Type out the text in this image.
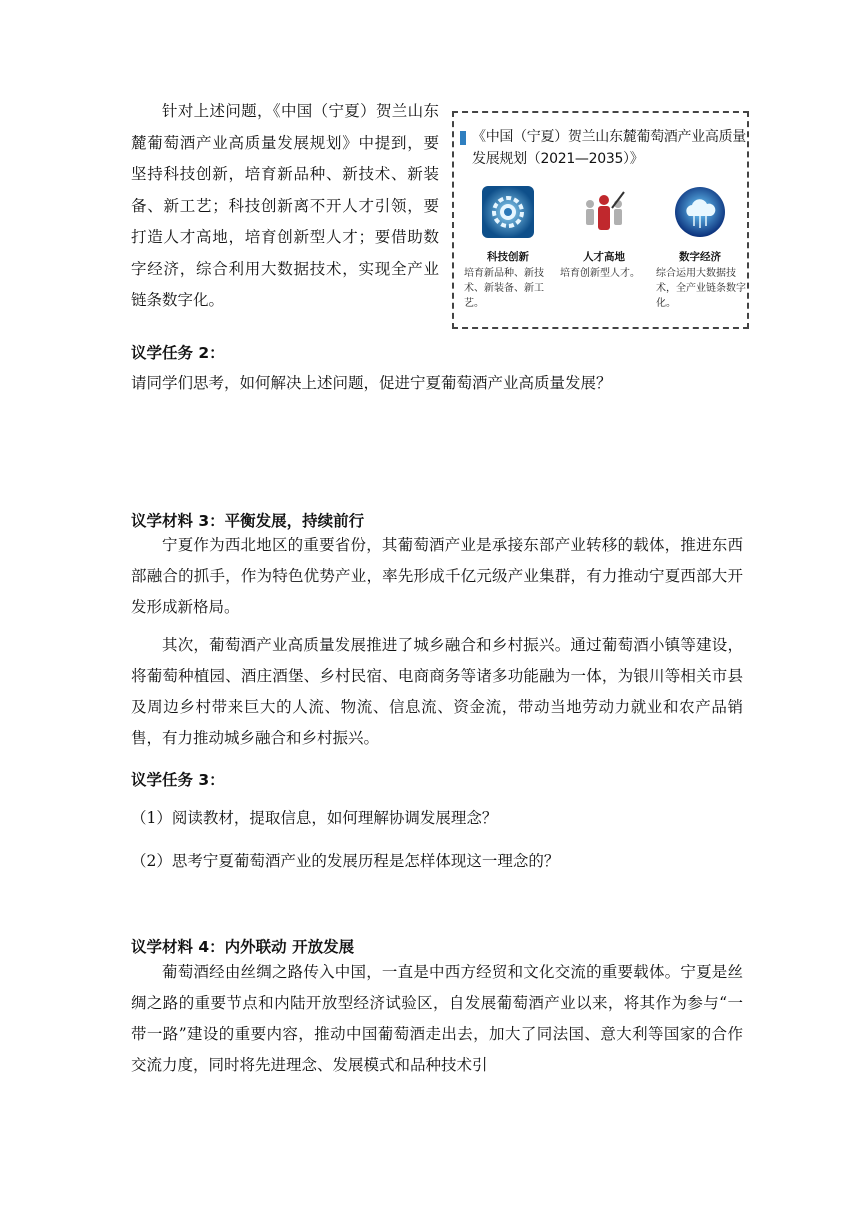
针对上述问题，《中国（宁夏）贺兰山东麓葡萄酒产业高质量发展规划》中提到，要坚持科技创新，培育新品种、新技术、新装备、新工艺；科技创新离不开人才引领，要打造人才高地，培育创新型人才；要借助数字经济，综合利用大数据技术，实现全产业链条数字化。

《中国（宁夏）贺兰山东麓葡萄酒产业高质量发展规划（2021—2035）》
科技创新
培育新品种、新技术、新装备、新工艺。
人才高地
培育创新型人才。
数字经济
综合运用大数据技术，全产业链条数字化。
议学任务 2：
请同学们思考，如何解决上述问题，促进宁夏葡萄酒产业高质量发展？
议学材料 3：平衡发展，持续前行

宁夏作为西北地区的重要省份，其葡萄酒产业是承接东部产业转移的载体，推进东西部融合的抓手，作为特色优势产业，率先形成千亿元级产业集群，有力推动宁夏西部大开发形成新格局。

其次，葡萄酒产业高质量发展推进了城乡融合和乡村振兴。通过葡萄酒小镇等建设，将葡萄种植园、酒庄酒堡、乡村民宿、电商商务等诸多功能融为一体，为银川等相关市县及周边乡村带来巨大的人流、物流、信息流、资金流，带动当地劳动力就业和农产品销售，有力推动城乡融合和乡村振兴。

议学任务 3：
（1）阅读教材，提取信息，如何理解协调发展理念？
（2）思考宁夏葡萄酒产业的发展历程是怎样体现这一理念的？
议学材料 4：内外联动 开放发展

葡萄酒经由丝绸之路传入中国，一直是中西方经贸和文化交流的重要载体。宁夏是丝绸之路的重要节点和内陆开放型经济试验区，自发展葡萄酒产业以来，将其作为参与“一带一路”建设的重要内容，推动中国葡萄酒走出去，加大了同法国、意大利等国家的合作交流力度，同时将先进理念、发展模式和品种技术引
